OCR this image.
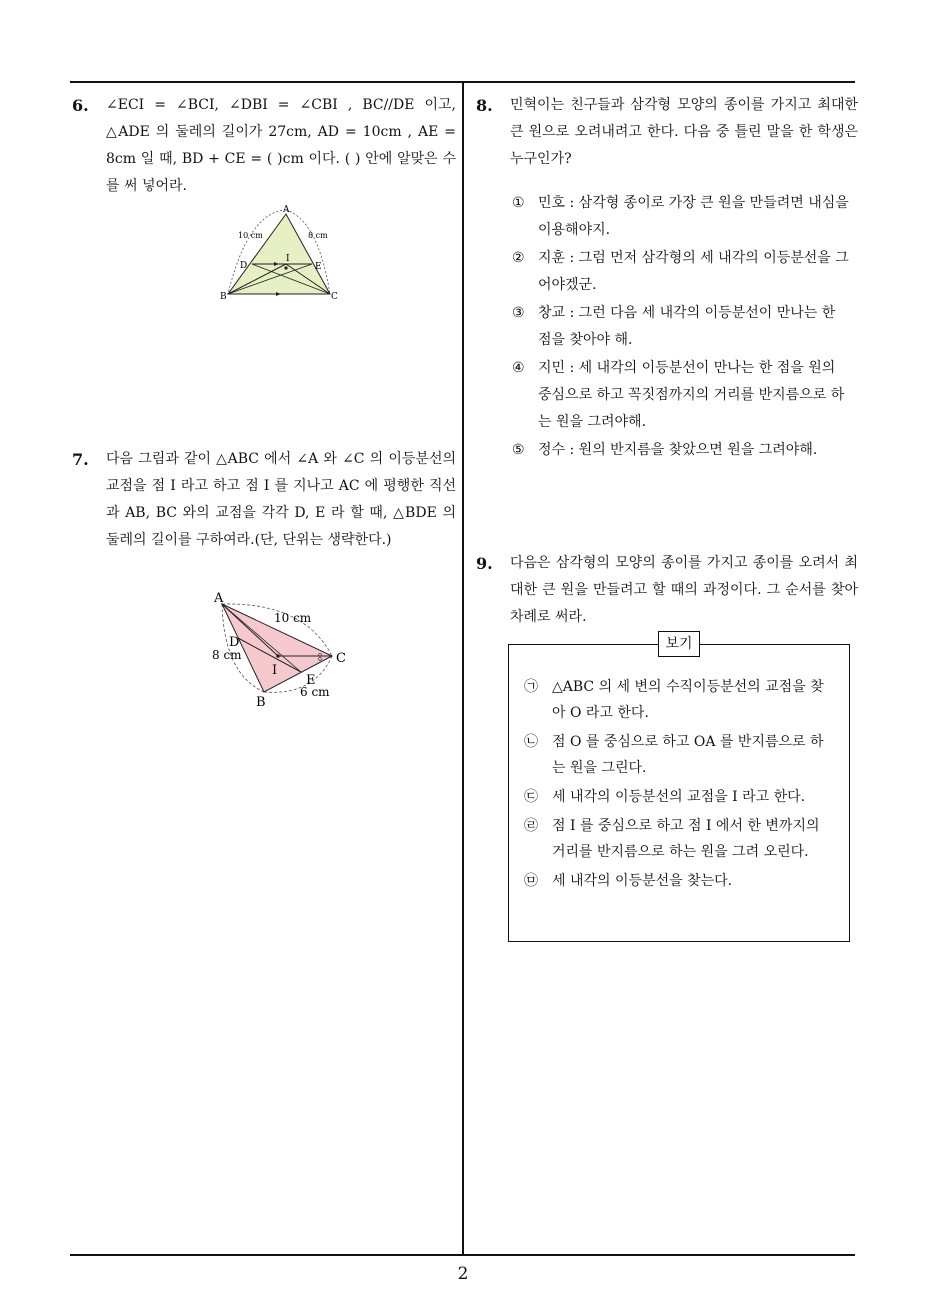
6. ∠ECI = ∠BCI, ∠DBI = ∠CBI , BC//DE 이고, △ADE 의 둘레의 길이가 27cm, AD = 10cm , AE = 8cm 일 때, BD + CE = ( )cm 이다. ( ) 안에 알맞은 수를 써 넣어라.
A
B	C
D	E
I
10 cm	8 cm
7. 다음 그림과 같이 △ABC 에서 ∠A 와 ∠C 의 이등분선의 교점을 점 I 라고 하고 점 I 를 지나고 AC 에 평행한 직선과 AB, BC 와의 교점을 각각 D, E 라 할 때, △BDE 의 둘레의 길이를 구하여라.(단, 단위는 생략한다.)
A
B
C
D
E
I
10 cm
8 cm
6 cm
8. 민혁이는 친구들과 삼각형 모양의 종이를 가지고 최대한 큰 원으로 오려내려고 한다. 다음 중 틀린 말을 한 학생은 누구인가?
① 민호 : 삼각형 종이로 가장 큰 원을 만들려면 내심을 이용해야지.
② 지훈 : 그럼 먼저 삼각형의 세 내각의 이등분선을 그어야겠군.
③ 창교 : 그런 다음 세 내각의 이등분선이 만나는 한 점을 찾아야 해.
④ 지민 : 세 내각의 이등분선이 만나는 한 점을 원의 중심으로 하고 꼭짓점까지의 거리를 반지름으로 하는 원을 그려야해.
⑤ 정수 : 원의 반지름을 찾았으면 원을 그려야해.
9. 다음은 삼각형의 모양의 종이를 가지고 종이를 오려서 최대한 큰 원을 만들려고 할 때의 과정이다. 그 순서를 찾아 차례로 써라.
보기
㉠ △ABC 의 세 변의 수직이등분선의 교점을 찾아 O 라고 한다.
㉡ 점 O 를 중심으로 하고 OA 를 반지름으로 하는 원을 그린다.
㉢ 세 내각의 이등분선의 교점을 I 라고 한다.
㉣ 점 I 를 중심으로 하고 점 I 에서 한 변까지의 거리를 반지름으로 하는 원을 그려 오린다.
㉤ 세 내각의 이등분선을 찾는다.
2
